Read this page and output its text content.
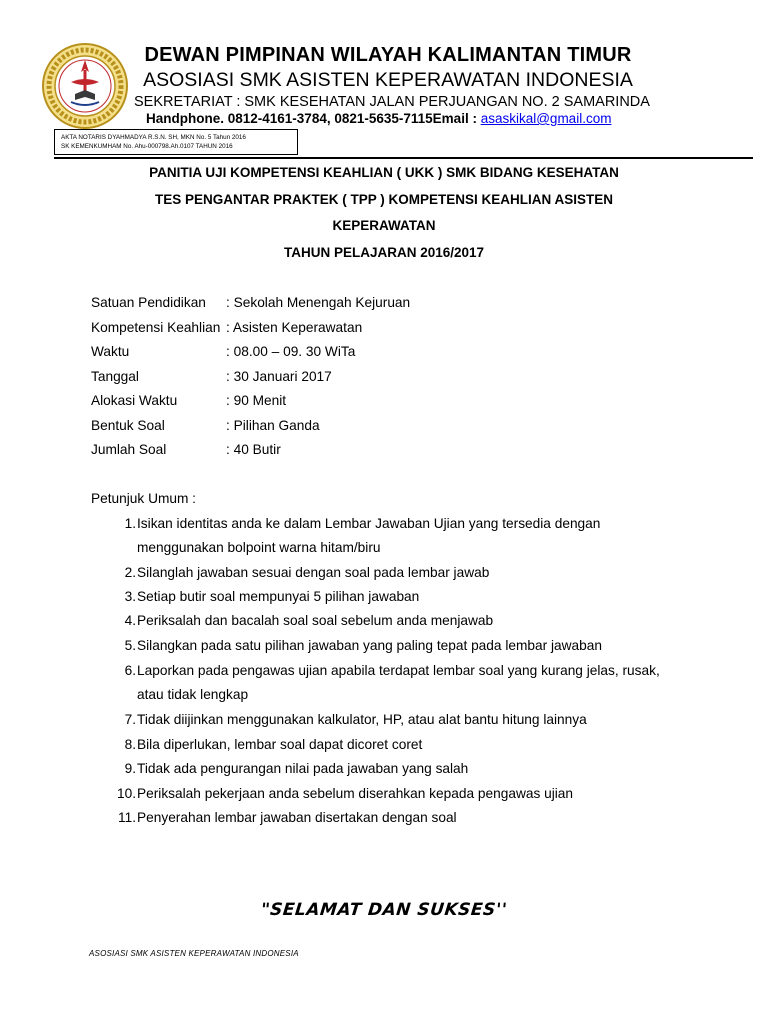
DEWAN PIMPINAN WILAYAH KALIMANTAN TIMUR
ASOSIASI SMK ASISTEN KEPERAWATAN INDONESIA
SEKRETARIAT : SMK KESEHATAN JALAN PERJUANGAN NO. 2 SAMARINDA
Handphone. 0812-4161-3784, 0821-5635-7115Email : asaskikal@gmail.com
AKTA NOTARIS DYAHMADYA R.S.N. SH, MKN No. 5 Tahun 2016
SK KEMENKUMHAM No. Ahu-000798.Ah.0107 TAHUN 2016
PANITIA UJI KOMPETENSI KEAHLIAN ( UKK ) SMK BIDANG KESEHATAN
TES PENGANTAR PRAKTEK ( TPP ) KOMPETENSI KEAHLIAN ASISTEN
KEPERAWATAN
TAHUN PELAJARAN 2016/2017
Satuan Pendidikan : Sekolah Menengah Kejuruan
Kompetensi Keahlian : Asisten Keperawatan
Waktu	: 08.00 – 09. 30 WiTa
Tanggal	: 30 Januari 2017
Alokasi Waktu	: 90 Menit
Bentuk Soal	: Pilihan Ganda
Jumlah Soal	: 40 Butir
Petunjuk Umum :
1. Isikan identitas anda ke dalam Lembar Jawaban Ujian yang tersedia dengan
menggunakan bolpoint warna hitam/biru
2. Silanglah jawaban sesuai dengan soal pada lembar jawab
3. Setiap butir soal mempunyai 5 pilihan jawaban
4. Periksalah dan bacalah soal soal sebelum anda menjawab
5. Silangkan pada satu pilihan jawaban yang paling tepat pada lembar jawaban
6. Laporkan pada pengawas ujian apabila terdapat lembar soal yang kurang jelas, rusak,
atau tidak lengkap
7. Tidak diijinkan menggunakan kalkulator, HP, atau alat bantu hitung lainnya
8. Bila diperlukan, lembar soal dapat dicoret coret
9. Tidak ada pengurangan nilai pada jawaban yang salah
10. Periksalah pekerjaan anda sebelum diserahkan kepada pengawas ujian
11. Penyerahan lembar jawaban disertakan dengan soal
"SELAMAT DAN SUKSES''
ASOSIASI SMK ASISTEN KEPERAWATAN INDONESIA
